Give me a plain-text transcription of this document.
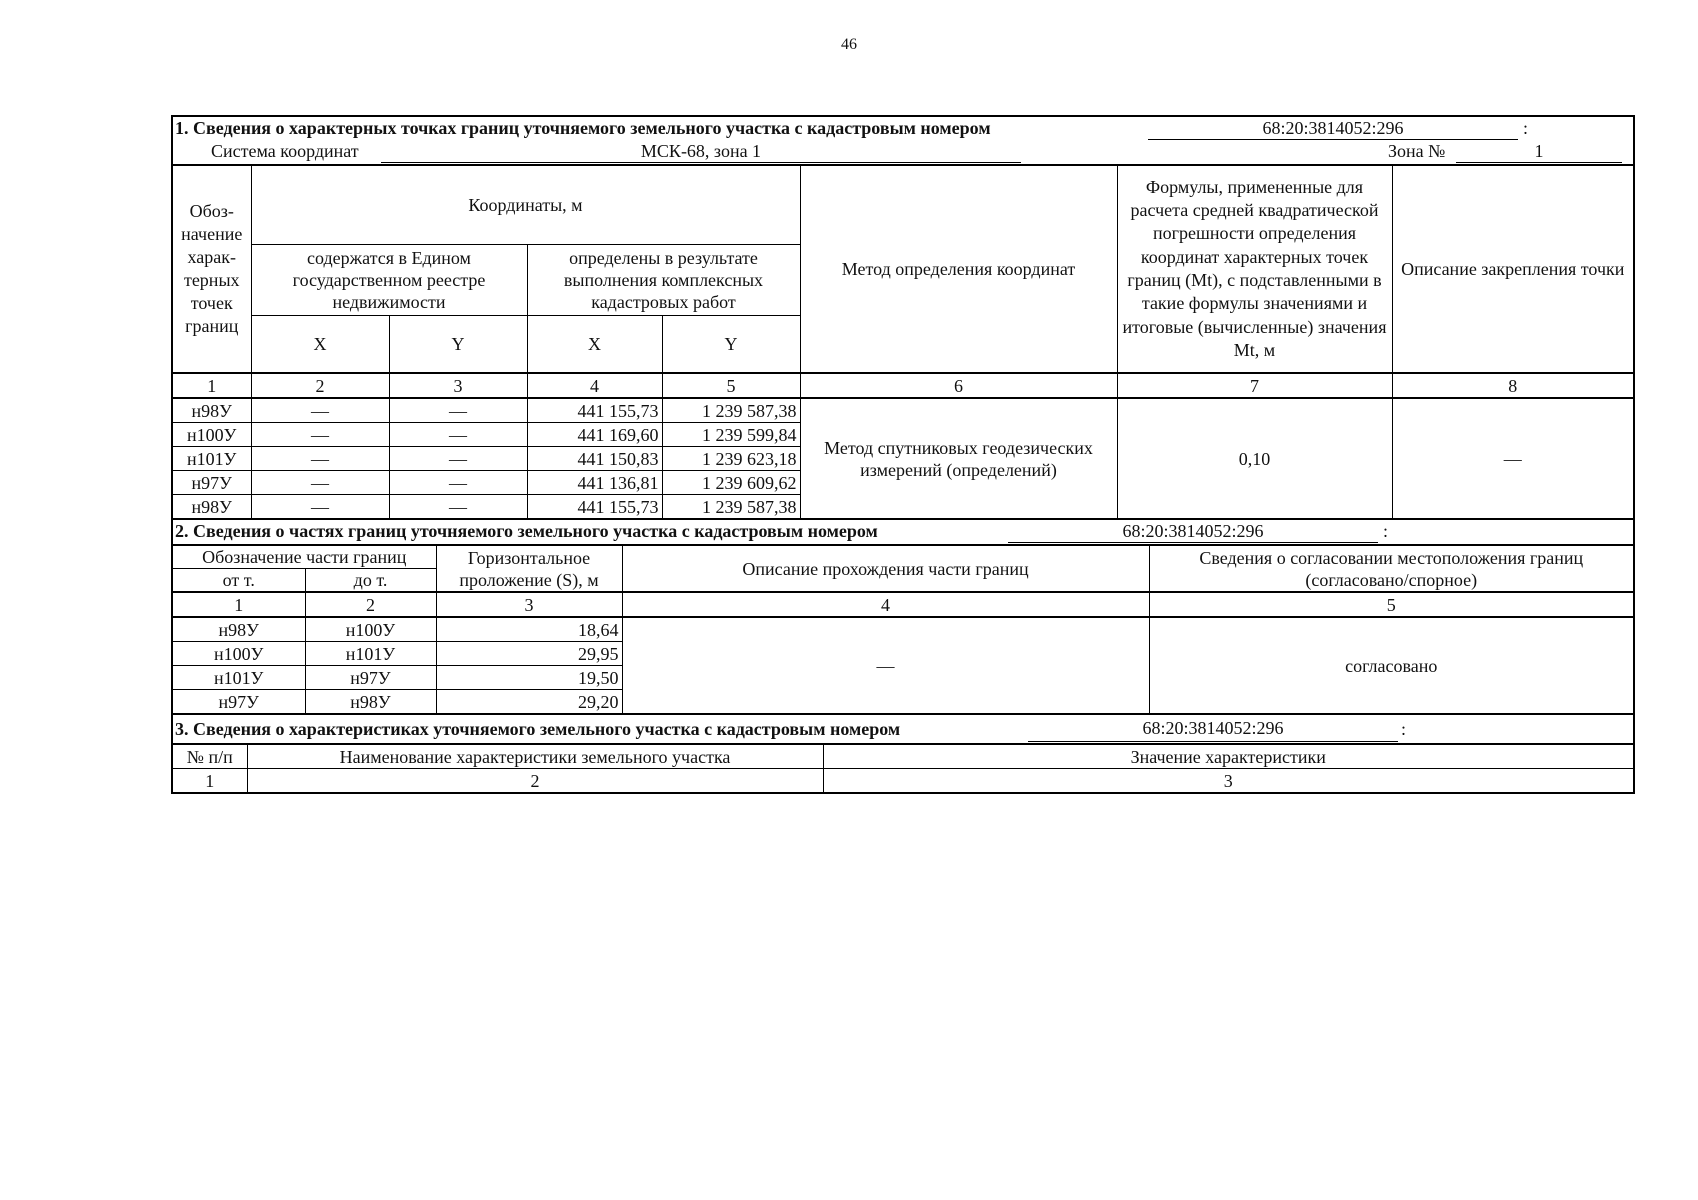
46
1. Сведения о характерных точках границ уточняемого земельного участка с кадастровым номером	68:20:3814052:296	:
Система координат	МСК-68, зона 1	Зона №	1
Обоз-начение харак-терных точек границ	Координаты, м				Метод определения координат	Формулы, примененные для расчета средней квадратической погрешности определения координат характерных точек границ (Mt), с подставленными в такие формулы значениями и итоговые (вычисленные) значения Mt, м	Описание закрепления точки
	содержатся в Едином государственном реестре недвижимости		определены в результате выполнения комплексных кадастровых работ				
	X	Y	X	Y			
1	2	3	4	5	6	7	8
н98У	—	—	441 155,73	1 239 587,38	Метод спутниковых геодезических измерений (определений)	0,10	—
н100У	—	—	441 169,60	1 239 599,84			
н101У	—	—	441 150,83	1 239 623,18			
н97У	—	—	441 136,81	1 239 609,62			
н98У	—	—	441 155,73	1 239 587,38			
2. Сведения о частях границ уточняемого земельного участка с кадастровым номером	68:20:3814052:296	:
Обозначение части границ		Горизонтальное проложение (S), м	Описание прохождения части границ	Сведения о согласовании местоположения границ (согласовано/спорное)
от т.	до т.			
1	2	3	4	5
н98У	н100У	18,64	—	согласовано
н100У	н101У	29,95		
н101У	н97У	19,50		
н97У	н98У	29,20		
3. Сведения о характеристиках уточняемого земельного участка с кадастровым номером	68:20:3814052:296	:
№ п/п	Наименование характеристики земельного участка	Значение характеристики
1	2	3
